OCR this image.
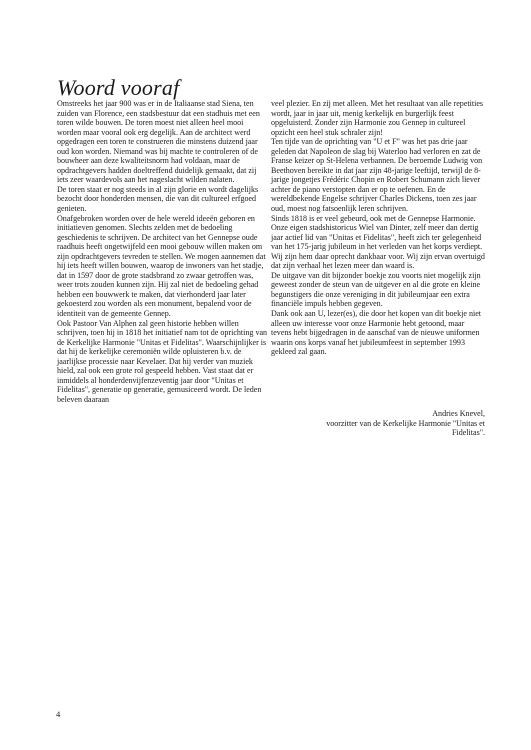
Woord vooraf

Omstreeks het jaar 900 was er in de Italiaanse stad Siena, ten zuiden van Florence, een stadsbestuur dat een stadhuis met een toren wilde bouwen. De toren moest niet alleen heel mooi worden maar vooral ook erg degelijk. Aan de architect werd opgedragen een toren te construeren die minstens duizend jaar oud kon worden. Niemand was bij machte te controleren of de bouwheer aan deze kwaliteitsnorm had voldaan, maar de opdrachtgevers hadden doeltreffend duidelijk gemaakt, dat zij iets zeer waardevols aan het nageslacht wilden nalaten.

De toren staat er nog steeds in al zijn glorie en wordt dagelijks bezocht door honderden mensen, die van dit cultureel erfgoed genieten.

Onafgebroken worden over de hele wereld ideeën geboren en initiatieven genomen. Slechts zelden met de bedoeling geschiedenis te schrijven. De architect van het Gennepse oude raadhuis heeft ongetwijfeld een mooi gebouw willen maken om zijn opdrachtgevers tevreden te stellen. We mogen aannemen dat hij iets heeft willen bouwen, waarop de inwoners van het stadje, dat in 1597 door de grote stadsbrand zo zwaar getroffen was, weer trots zouden kunnen zijn. Hij zal niet de bedoeling gehad hebben een bouwwerk te maken, dat vierhonderd jaar later gekoesterd zou worden als een monument, bepalend voor de identiteit van de gemeente Gennep.

Ook Pastoor Van Alphen zal geen historie hebben willen schrijven, toen hij in 1818 het initiatief nam tot de oprichting van de Kerkelijke Harmonie "Unitas et Fidelitas". Waarschijnlijker is dat hij de kerkelijke ceremoniën wilde opluisteren b.v. de jaarlijkse processie naar Kevelaer. Dat hij verder van muziek hield, zal ook een grote rol gespeeld hebben. Vast staat dat er inmiddels al honderdenvijfenzeventig jaar door "Unitas et Fidelitas", generatie op generatie, gemusiceerd wordt. De leden beleven daaraan

veel plezier. En zij met alleen. Met het resultaat van alle repetities wordt, jaar in jaar uit, menig kerkelijk en burgerlijk feest opgeluisterd. Zonder zijn Harmonie zou Gennep in cultureel opzicht een heel stuk schraler zijn!

Ten tijde van de oprichting van "U et F" was het pas drie jaar geleden dat Napoleon de slag bij Waterloo had verloren en zat de Franse keizer op St-Helena verbannen. De beroemde Ludwig von Beethoven bereikte in dat jaar zijn 48-jarige leeftijd, terwijl de 8-jarige jongetjes Frédéric Chopin en Robert Schumann zich liever achter de piano verstopten dan er op te oefenen. En de wereldbekende Engelse schrijver Charles Dickens, toen zes jaar oud, moest nog fatsoenlijk leren schrijven.

Sinds 1818 is er veel gebeurd, ook met de Gennepse Harmonie. Onze eigen stadshistoricus Wiel van Dinter, zelf meer dan dertig jaar actief lid van "Unitas et Fidelitas", heeft zich ter gelegenheid van het 175-jarig jubileum in het verleden van het korps verdiept. Wij zijn hem daar oprecht dankbaar voor. Wij zijn ervan overtuigd dat zijn verhaal het lezen meer dan waard is.

De uitgave van dit bijzonder boekje zou voorts niet mogelijk zijn geweest zonder de steun van de uitgever en al die grote en kleine begunstigers die onze vereniging in dit jubileumjaar een extra financiële impuls hebben gegeven.

Dank ook aan U, lezer(es), die door het kopen van dit boekje niet alleen uw interesse voor onze Harmonie hebt getoond, maar tevens hebt bijgedragen in de aanschaf van de nieuwe uniformen waarin ons korps vanaf het jubileumfeest in september 1993 gekleed zal gaan.

Andries Knevel,
voorzitter van de Kerkelijke Harmonie "Unitas et
Fidelitas".
4
